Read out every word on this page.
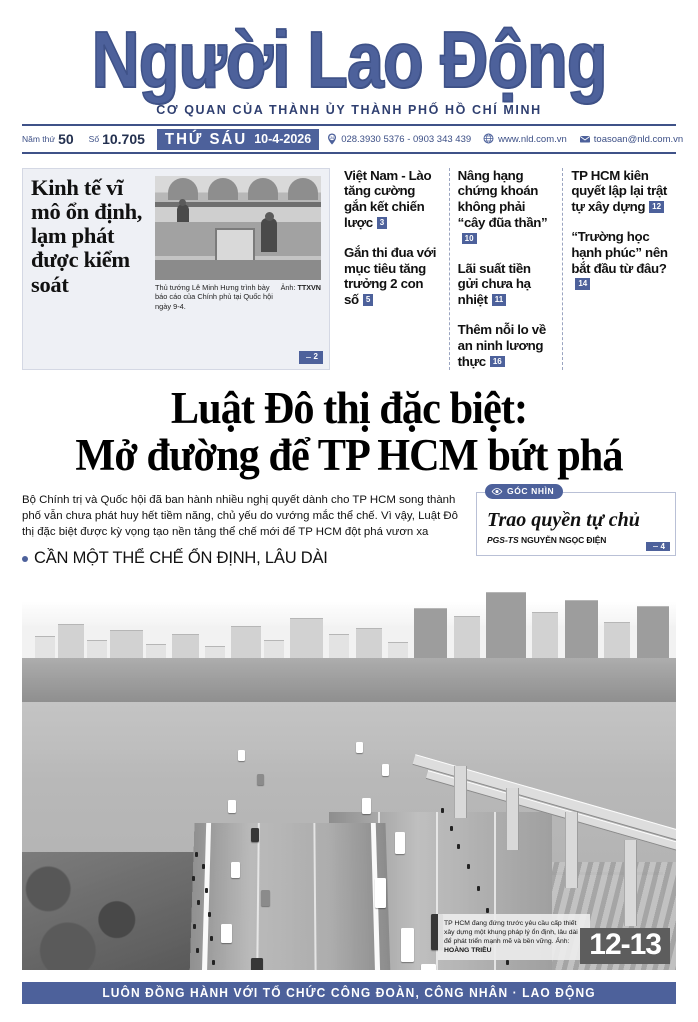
Người Lao Động
CƠ QUAN CỦA THÀNH ỦY THÀNH PHỐ HỒ CHÍ MINH
Năm thứ 50 Số 10.705 THỨ SÁU 10-4-2026	24 028.3930 5376 - 0903 343 439	www.nld.com.vn	toasoan@nld.com.vn
Kinh tế vĩ mô ổn định, lạm phát được kiểm soát	Thủ tướng Lê Minh Hưng trình bày báo cáo của Chính phủ tại Quốc hội ngày 9-4.
Ảnh: TTXVN
2
Việt Nam - Lào tăng cường gắn kết chiến lược 3
Gắn thi đua với mục tiêu tăng trưởng 2 con số 5
Nâng hạng chứng khoán không phải “cây đũa thần”10
Lãi suất tiền gửi chưa hạ nhiệt 11
Thêm nỗi lo về an ninh lương thực 16
TP HCM kiên quyết lập lại trật tự xây dựng 12
“Trường học hạnh phúc” nên bắt đầu từ đâu?14
Luật Đô thị đặc biệt:
Mở đường để TP HCM bứt phá

Bộ Chính trị và Quốc hội đã ban hành nhiều nghị quyết dành cho TP HCM song thành phố vẫn chưa phát huy hết tiềm năng, chủ yếu do vướng mắc thể chế. Vì vậy, Luật Đô thị đặc biệt được kỳ vọng tạo nền tảng thể chế mới để TP HCM đột phá vươn xa

CẦN MỘT THỂ CHẾ ỔN ĐỊNH, LÂU DÀI
GÓC NHÌN
Trao quyền tự chủ
PGS-TS NGUYỄN NGỌC ĐIỆN
4
TP HCM đang đứng trước yêu cầu cấp thiết xây dựng một khung pháp lý ổn định, lâu dài để phát triển mạnh mẽ và bền vững. Ảnh: HOÀNG TRIỀU	12-13
LUÔN ĐỒNG HÀNH VỚI TỔ CHỨC CÔNG ĐOÀN, CÔNG NHÂN · LAO ĐỘNG
